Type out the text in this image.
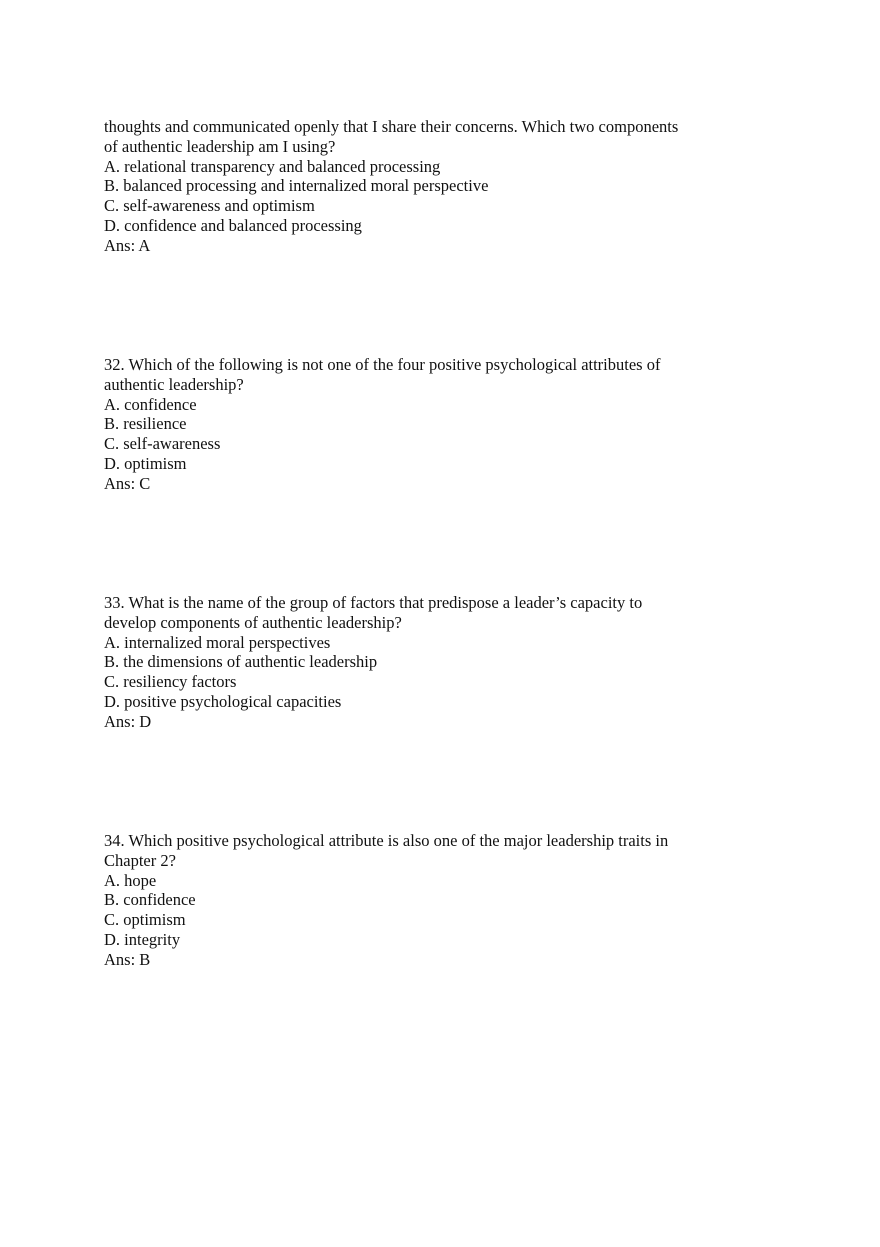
thoughts and communicated openly that I share their concerns. Which two components
of authentic leadership am I using?
A. relational transparency and balanced processing
B. balanced processing and internalized moral perspective
C. self-awareness and optimism
D. confidence and balanced processing
Ans: A
32. Which of the following is not one of the four positive psychological attributes of
authentic leadership?
A. confidence
B. resilience
C. self-awareness
D. optimism
Ans: C
33. What is the name of the group of factors that predispose a leader’s capacity to
develop components of authentic leadership?
A. internalized moral perspectives
B. the dimensions of authentic leadership
C. resiliency factors
D. positive psychological capacities
Ans: D
34. Which positive psychological attribute is also one of the major leadership traits in
Chapter 2?
A. hope
B. confidence
C. optimism
D. integrity
Ans: B
